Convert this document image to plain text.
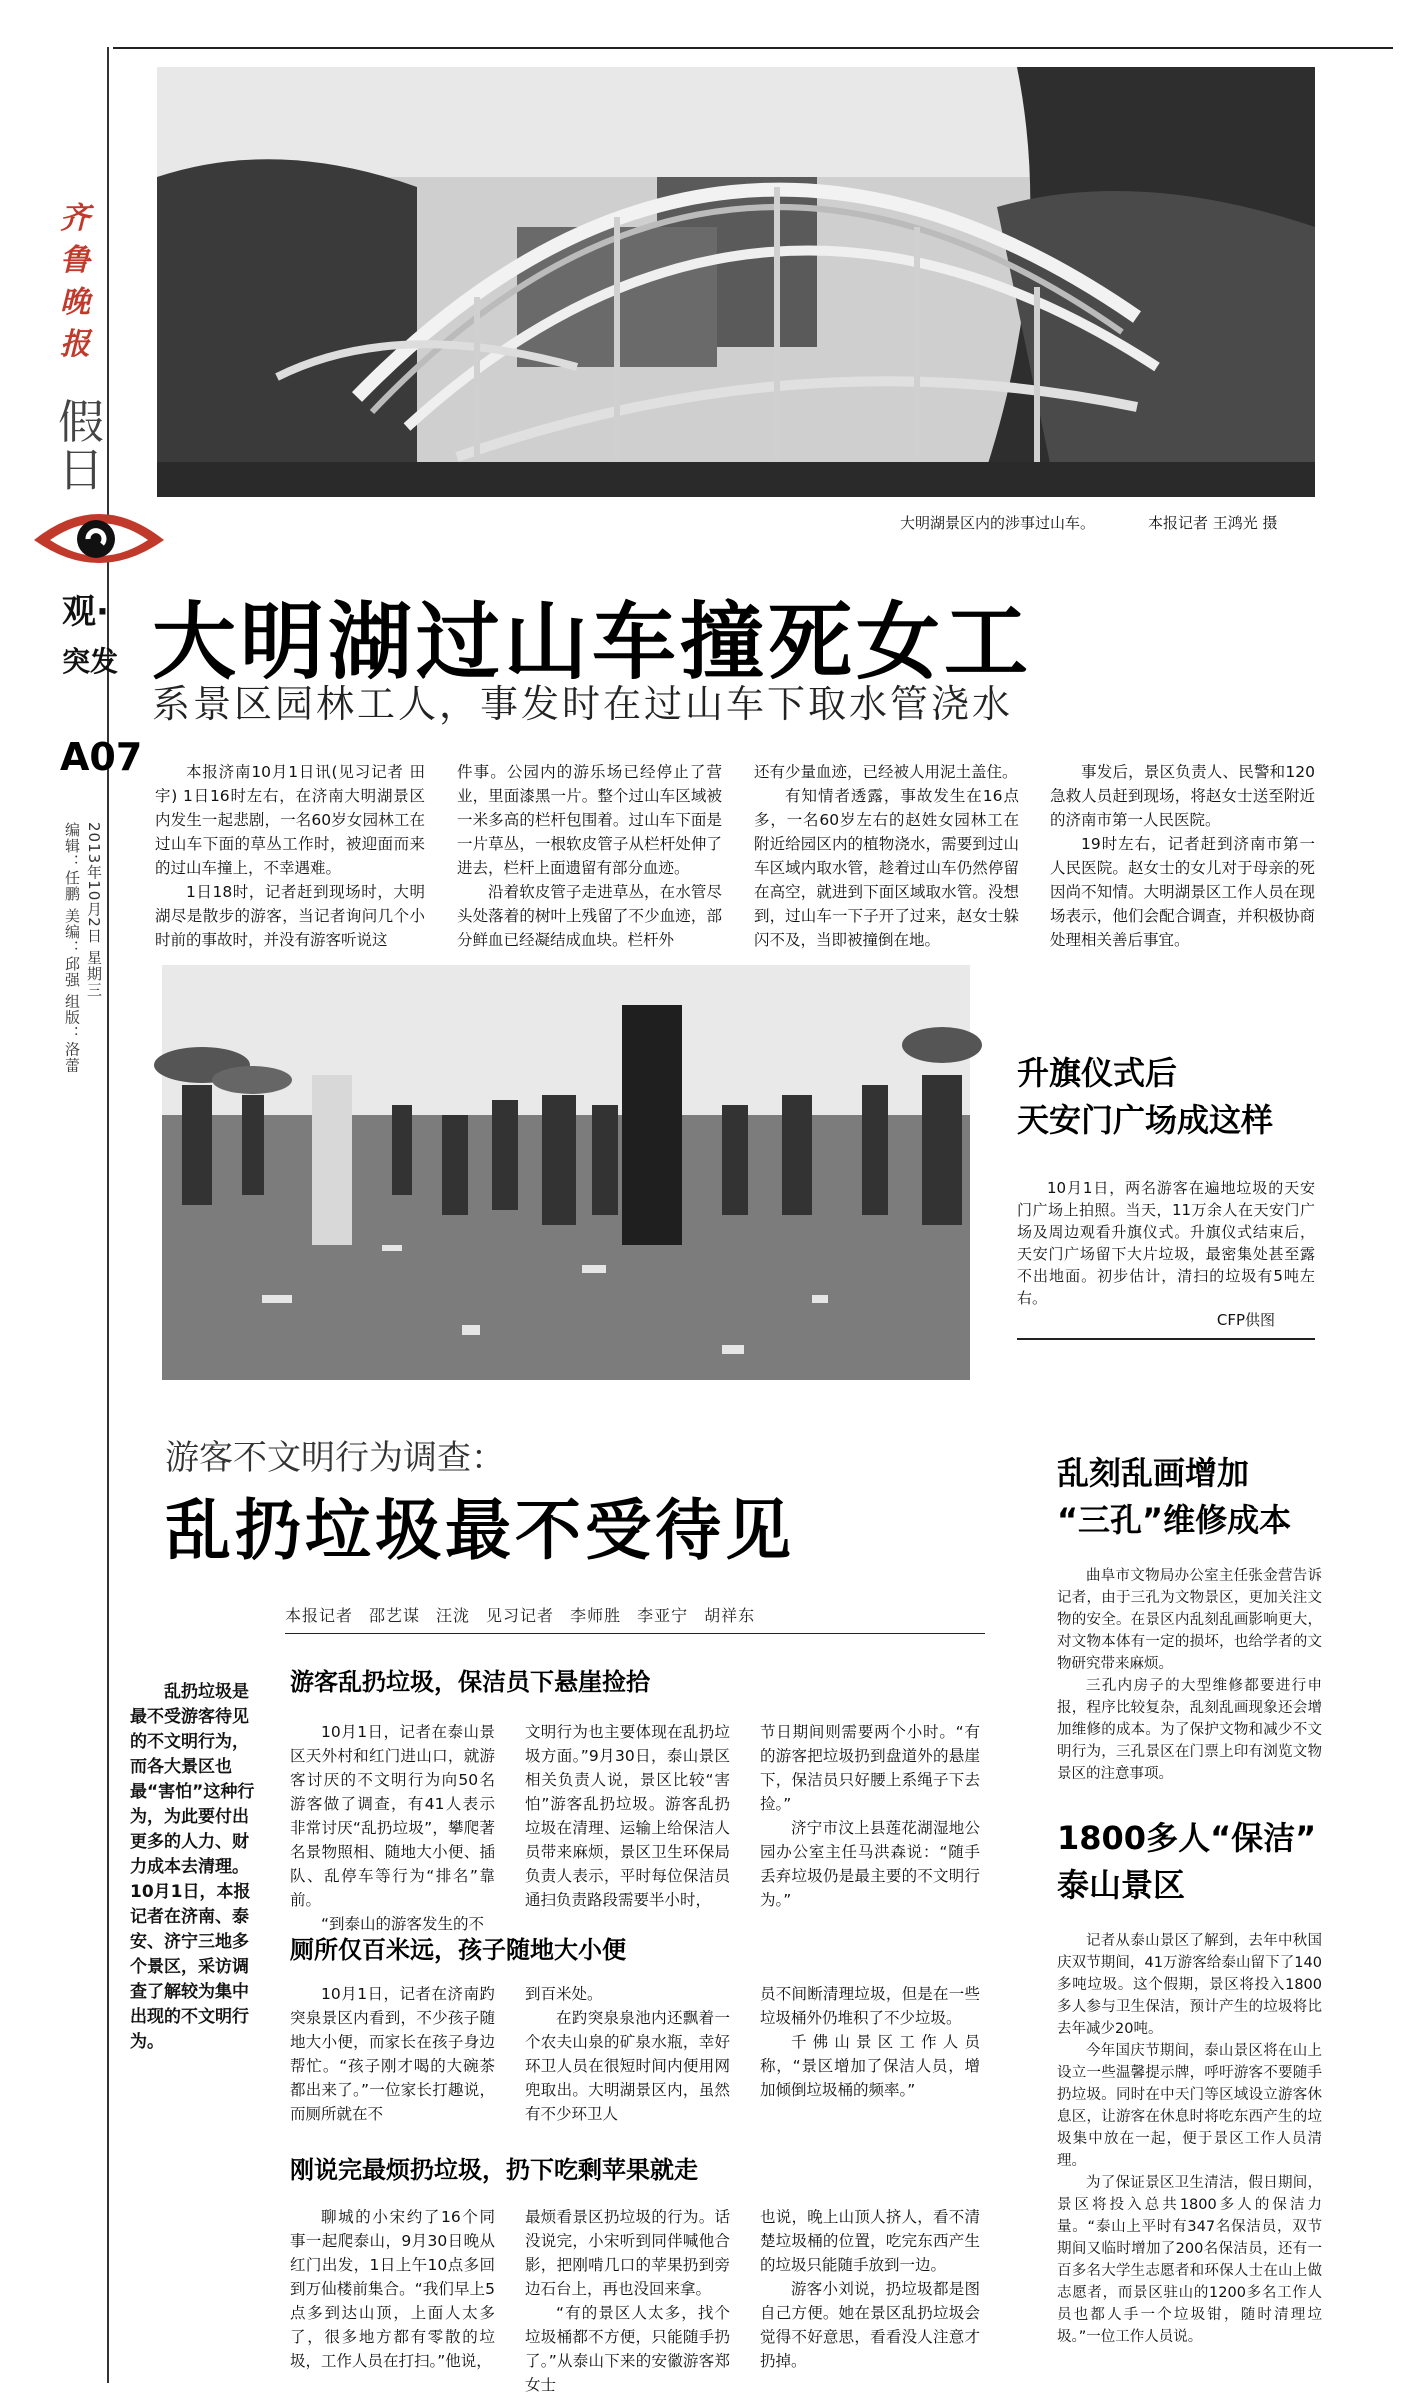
齐鲁晚报
假日
观·
突发
A07
2013年10月2日 星期三
编辑：任鹏 美编：邱强 组版：洛蕾
大明湖景区内的涉事过山车。	本报记者 王鸿光 摄
大明湖过山车撞死女工
系景区园林工人，事发时在过山车下取水管浇水

本报济南10月1日讯(见习记者 田宇) 1日16时左右，在济南大明湖景区内发生一起悲剧，一名60岁女园林工在过山车下面的草丛工作时，被迎面而来的过山车撞上，不幸遇难。

1日18时，记者赶到现场时，大明湖尽是散步的游客，当记者询问几个小时前的事故时，并没有游客听说这

件事。公园内的游乐场已经停止了营业，里面漆黑一片。整个过山车区域被一米多高的栏杆包围着。过山车下面是一片草丛，一根软皮管子从栏杆处伸了进去，栏杆上面遗留有部分血迹。

沿着软皮管子走进草丛，在水管尽头处落着的树叶上残留了不少血迹，部分鲜血已经凝结成血块。栏杆外

还有少量血迹，已经被人用泥土盖住。

有知情者透露，事故发生在16点多，一名60岁左右的赵姓女园林工在附近给园区内的植物浇水，需要到过山车区域内取水管，趁着过山车仍然停留在高空，就进到下面区域取水管。没想到，过山车一下子开了过来，赵女士躲闪不及，当即被撞倒在地。

事发后，景区负责人、民警和120急救人员赶到现场，将赵女士送至附近的济南市第一人民医院。

19时左右，记者赶到济南市第一人民医院。赵女士的女儿对于母亲的死因尚不知情。大明湖景区工作人员在现场表示，他们会配合调查，并积极协商处理相关善后事宜。

升旗仪式后
天安门广场成这样

10月1日，两名游客在遍地垃圾的天安门广场上拍照。当天，11万余人在天安门广场及周边观看升旗仪式。升旗仪式结束后，天安门广场留下大片垃圾，最密集处甚至露不出地面。初步估计，清扫的垃圾有5吨左右。

CFP供图

游客不文明行为调查：
乱扔垃圾最不受待见
本报记者 邵艺谋 汪泷 见习记者 李师胜 李亚宁 胡祥东
乱扔垃圾是最不受游客待见的不文明行为，而各大景区也最“害怕”这种行为，为此要付出更多的人力、财力成本去清理。10月1日，本报记者在济南、泰安、济宁三地多个景区，采访调查了解较为集中出现的不文明行为。
游客乱扔垃圾，保洁员下悬崖捡拾

10月1日，记者在泰山景区天外村和红门进山口，就游客讨厌的不文明行为向50名游客做了调查，有41人表示非常讨厌“乱扔垃圾”，攀爬著名景物照相、随地大小便、插队、乱停车等行为“排名”靠前。

“到泰山的游客发生的不

文明行为也主要体现在乱扔垃圾方面。”9月30日，泰山景区相关负责人说，景区比较“害怕”游客乱扔垃圾。游客乱扔垃圾在清理、运输上给保洁人员带来麻烦，景区卫生环保局负责人表示，平时每位保洁员通扫负责路段需要半小时，

节日期间则需要两个小时。“有的游客把垃圾扔到盘道外的悬崖下，保洁员只好腰上系绳子下去捡。”

济宁市汶上县莲花湖湿地公园办公室主任马洪森说：“随手丢弃垃圾仍是最主要的不文明行为。”

厕所仅百米远，孩子随地大小便

10月1日，记者在济南趵突泉景区内看到，不少孩子随地大小便，而家长在孩子身边帮忙。“孩子刚才喝的大碗茶都出来了。”一位家长打趣说，而厕所就在不

到百米处。

在趵突泉泉池内还飘着一个农夫山泉的矿泉水瓶，幸好环卫人员在很短时间内便用网兜取出。大明湖景区内，虽然有不少环卫人

员不间断清理垃圾，但是在一些垃圾桶外仍堆积了不少垃圾。

千佛山景区工作人员称，“景区增加了保洁人员，增加倾倒垃圾桶的频率。”

刚说完最烦扔垃圾，扔下吃剩苹果就走

聊城的小宋约了16个同事一起爬泰山，9月30日晚从红门出发，1日上午10点多回到万仙楼前集合。“我们早上5点多到达山顶，上面人太多了，很多地方都有零散的垃圾，工作人员在打扫。”他说，

最烦看景区扔垃圾的行为。话没说完，小宋听到同伴喊他合影，把刚啃几口的苹果扔到旁边石台上，再也没回来拿。

“有的景区人太多，找个垃圾桶都不方便，只能随手扔了。”从泰山下来的安徽游客郑女士

也说，晚上山顶人挤人，看不清楚垃圾桶的位置，吃完东西产生的垃圾只能随手放到一边。

游客小刘说，扔垃圾都是图自己方便。她在景区乱扔垃圾会觉得不好意思，看看没人注意才扔掉。

乱刻乱画增加
“三孔”维修成本

曲阜市文物局办公室主任张金营告诉记者，由于三孔为文物景区，更加关注文物的安全。在景区内乱刻乱画影响更大，对文物本体有一定的损坏，也给学者的文物研究带来麻烦。

三孔内房子的大型维修都要进行申报，程序比较复杂，乱刻乱画现象还会增加维修的成本。为了保护文物和减少不文明行为，三孔景区在门票上印有浏览文物景区的注意事项。

1800多人“保洁”
泰山景区

记者从泰山景区了解到，去年中秋国庆双节期间，41万游客给泰山留下了140多吨垃圾。这个假期，景区将投入1800多人参与卫生保洁，预计产生的垃圾将比去年减少20吨。

今年国庆节期间，泰山景区将在山上设立一些温馨提示牌，呼吁游客不要随手扔垃圾。同时在中天门等区域设立游客休息区，让游客在休息时将吃东西产生的垃圾集中放在一起，便于景区工作人员清理。

为了保证景区卫生清洁，假日期间，景区将投入总共1800多人的保洁力量。“泰山上平时有347名保洁员，双节期间又临时增加了200名保洁员，还有一百多名大学生志愿者和环保人士在山上做志愿者，而景区驻山的1200多名工作人员也都人手一个垃圾钳，随时清理垃圾。”一位工作人员说。
